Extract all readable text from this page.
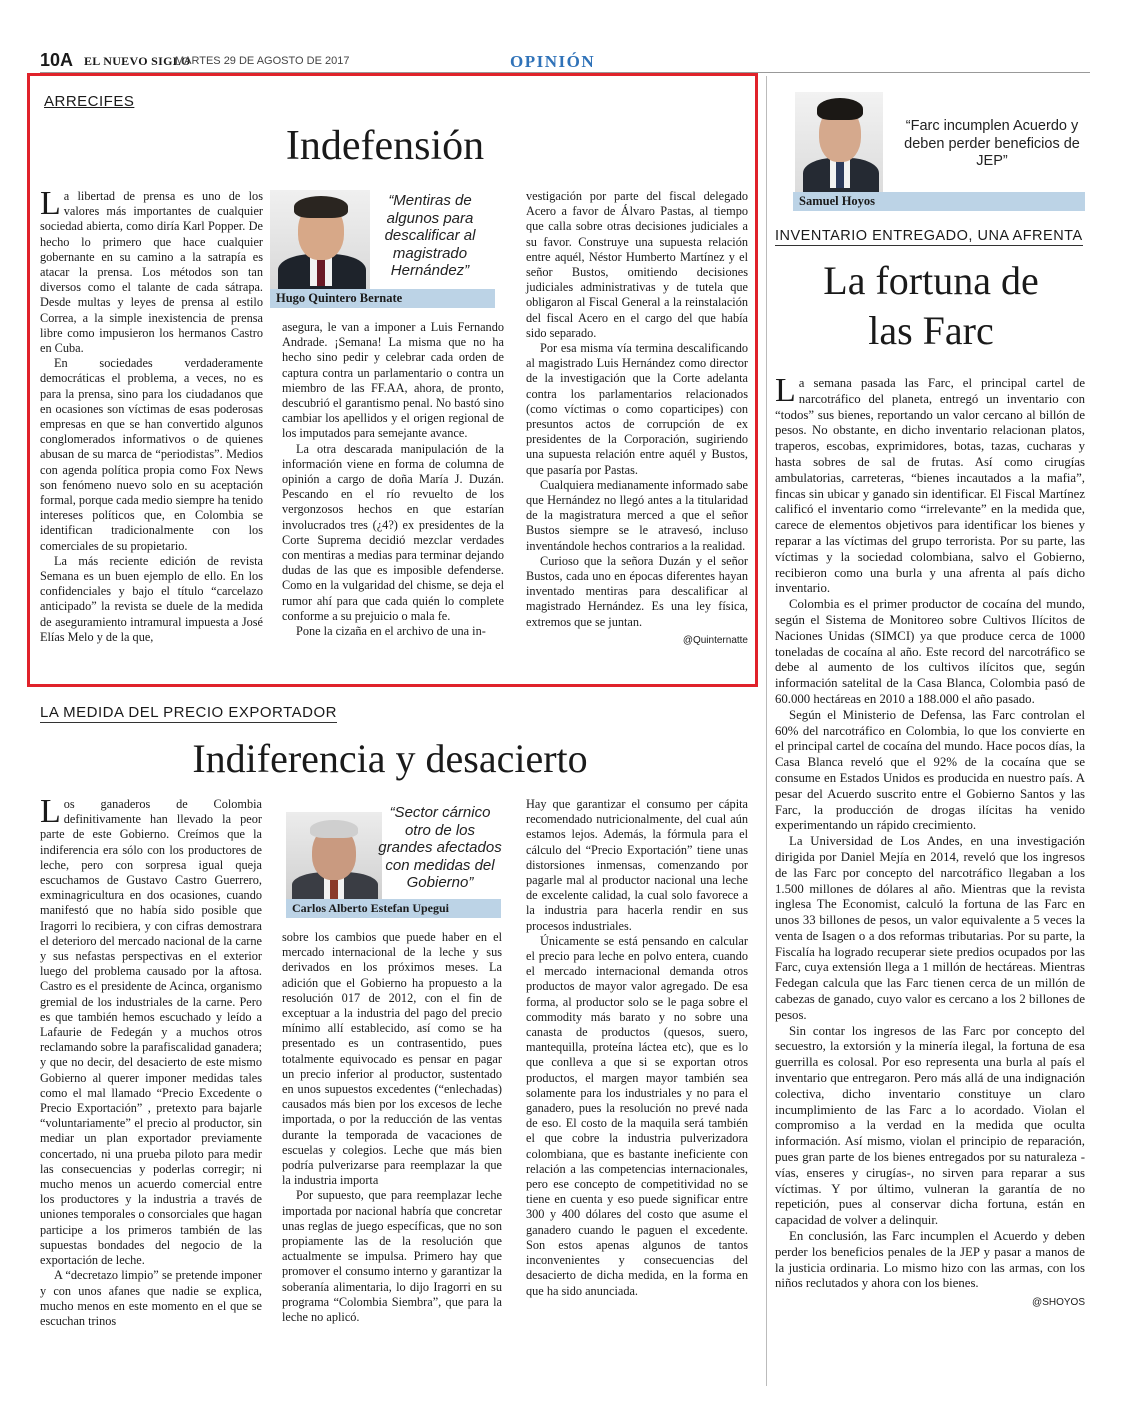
10A EL NUEVO SIGLO
MARTES 29 DE AGOSTO DE 2017	OPINIÓN
ARRECIFES
Indefensión

La libertad de prensa es uno de los valores más importantes de cualquier sociedad abierta, como diría Karl Popper. De hecho lo primero que hace cualquier gobernante en su camino a la satrapía es atacar la prensa. Los métodos son tan diversos como el talante de cada sátrapa. Desde multas y leyes de prensa al estilo Correa, a la simple inexistencia de prensa libre como impusieron los hermanos Castro en Cuba.

En sociedades verdaderamente democráticas el problema, a veces, no es para la prensa, sino para los ciudadanos que en ocasiones son víctimas de esas poderosas empresas en que se han convertido algunos conglomerados informativos o de quienes abusan de su marca de “periodistas”. Medios con agenda política propia como Fox News son fenómeno nuevo solo en su aceptación formal, porque cada medio siempre ha tenido intereses políticos que, en Colombia se identifican tradicionalmente con los comerciales de su propietario.

La más reciente edición de revista Semana es un buen ejemplo de ello. En los confidenciales y bajo el título “carcelazo anticipado” la revista se duele de la medida de aseguramiento intramural impuesta a José Elías Melo y de la que,

“Mentiras de algunos para descalificar al magistrado Hernández”
Hugo Quintero Bernate

asegura, le van a imponer a Luis Fernando Andrade. ¡Semana! La misma que no ha hecho sino pedir y celebrar cada orden de captura contra un parlamentario o contra un miembro de las FF.AA, ahora, de pronto, descubrió el garantismo penal. No bastó sino cambiar los apellidos y el origen regional de los imputados para semejante avance.

La otra descarada manipulación de la información viene en forma de columna de opinión a cargo de doña María J. Duzán. Pescando en el río revuelto de los vergonzosos hechos en que estarían involucrados tres (¿4?) ex presidentes de la Corte Suprema decidió mezclar verdades con mentiras a medias para terminar dejando dudas de las que es imposible defenderse. Como en la vulgaridad del chisme, se deja el rumor ahí para que cada quién lo complete conforme a su prejuicio o mala fe.

Pone la cizaña en el archivo de una in-

vestigación por parte del fiscal delegado Acero a favor de Álvaro Pastas, al tiempo que calla sobre otras decisiones judiciales a su favor. Construye una supuesta relación entre aquél, Néstor Humberto Martínez y el señor Bustos, omitiendo decisiones judiciales administrativas y de tutela que obligaron al Fiscal General a la reinstalación del fiscal Acero en el cargo del que había sido separado.

Por esa misma vía termina descalificando al magistrado Luis Hernández como director de la investigación que la Corte adelanta contra los parlamentarios relacionados (como víctimas o como coparticipes) con presuntos actos de corrupción de ex presidentes de la Corporación, sugiriendo una supuesta relación entre aquél y Bustos, que pasaría por Pastas.

Cualquiera medianamente informado sabe que Hernández no llegó antes a la titularidad de la magistratura merced a que el señor Bustos siempre se le atravesó, incluso inventándole hechos contrarios a la realidad.

Curioso que la señora Duzán y el señor Bustos, cada uno en épocas diferentes hayan inventado mentiras para descalificar al magistrado Hernández. Es una ley física, extremos que se juntan.

@Quinternatte
LA MEDIDA DEL PRECIO EXPORTADOR
Indiferencia y desacierto

Los ganaderos de Colombia definitivamente han llevado la peor parte de este Gobierno. Creímos que la indiferencia era sólo con los productores de leche, pero con sorpresa igual queja escuchamos de Gustavo Castro Guerrero, exminagricultura en dos ocasiones, cuando manifestó que no había sido posible que Iragorri lo recibiera, y con cifras demostrara el deterioro del mercado nacional de la carne y sus nefastas perspectivas en el exterior luego del problema causado por la aftosa. Castro es el presidente de Acinca, organismo gremial de los industriales de la carne. Pero es que también hemos escuchado y leído a Lafaurie de Fedegán y a muchos otros reclamando sobre la parafiscalidad ganadera; y que no decir, del desacierto de este mismo Gobierno al querer imponer medidas tales como el mal llamado “Precio Excedente o Precio Exportación” , pretexto para bajarle “voluntariamente” el precio al productor, sin mediar un plan exportador previamente concertado, ni una prueba piloto para medir las consecuencias y poderlas corregir; ni mucho menos un acuerdo comercial entre los productores y la industria a través de uniones temporales o consorciales que hagan participe a los primeros también de las supuestas bondades del negocio de la exportación de leche.

A “decretazo limpio” se pretende imponer y con unos afanes que nadie se explica, mucho menos en este momento en el que se escuchan trinos

“Sector cárnico otro de los grandes afectados con medidas del Gobierno”
Carlos Alberto Estefan Upegui

sobre los cambios que puede haber en el mercado internacional de la leche y sus derivados en los próximos meses. La adición que el Gobierno ha propuesto a la resolución 017 de 2012, con el fin de exceptuar a la industria del pago del precio mínimo allí establecido, así como se ha presentado es un contrasentido, pues totalmente equivocado es pensar en pagar un precio inferior al productor, sustentado en unos supuestos excedentes (“enlechadas) causados más bien por los excesos de leche importada, o por la reducción de las ventas durante la temporada de vacaciones de escuelas y colegios. Leche que más bien podría pulverizarse para reemplazar la que la industria importa

Por supuesto, que para reemplazar leche importada por nacional habría que concretar unas reglas de juego específicas, que no son propiamente las de la resolución que actualmente se impulsa. Primero hay que promover el consumo interno y garantizar la soberanía alimentaria, lo dijo Iragorri en su programa “Colombia Siembra”, que para la leche no aplicó.

Hay que garantizar el consumo per cápita recomendado nutricionalmente, del cual aún estamos lejos. Además, la fórmula para el cálculo del “Precio Exportación” tiene unas distorsiones inmensas, comenzando por pagarle mal al productor nacional una leche de excelente calidad, la cual solo favorece a la industria para hacerla rendir en sus procesos industriales.

Únicamente se está pensando en calcular el precio para leche en polvo entera, cuando el mercado internacional demanda otros productos de mayor valor agregado. De esa forma, al productor solo se le paga sobre el commodity más barato y no sobre una canasta de productos (quesos, suero, mantequilla, proteína láctea etc), que es lo que conlleva a que si se exportan otros productos, el margen mayor también sea solamente para los industriales y no para el ganadero, pues la resolución no prevé nada de eso. El costo de la maquila será también el que cobre la industria pulverizadora colombiana, que es bastante ineficiente con relación a las competencias internacionales, pero ese concepto de competitividad no se tiene en cuenta y eso puede significar entre 300 y 400 dólares del costo que asume el ganadero cuando le paguen el excedente. Son estos apenas algunos de tantos inconvenientes y consecuencias del desacierto de dicha medida, en la forma en que ha sido anunciada.

“Farc incumplen Acuerdo y deben perder beneficios de JEP”
Samuel Hoyos
INVENTARIO ENTREGADO, UNA AFRENTA
La fortuna de
las Farc

La semana pasada las Farc, el principal cartel de narcotráfico del planeta, entregó un inventario con “todos” sus bienes, reportando un valor cercano al billón de pesos. No obstante, en dicho inventario relacionan platos, traperos, escobas, exprimidores, botas, tazas, cucharas y hasta sobres de sal de frutas. Así como cirugías ambulatorias, carreteras, “bienes incautados a la mafia”, fincas sin ubicar y ganado sin identificar. El Fiscal Martínez calificó el inventario como “irrelevante” en la medida que, carece de elementos objetivos para identificar los bienes y reparar a las víctimas del grupo terrorista. Por su parte, las víctimas y la sociedad colombiana, salvo el Gobierno, recibieron como una burla y una afrenta al país dicho inventario.

Colombia es el primer productor de cocaína del mundo, según el Sistema de Monitoreo sobre Cultivos Ilícitos de Naciones Unidas (SIMCI) ya que produce cerca de 1000 toneladas de cocaína al año. Este record del narcotráfico se debe al aumento de los cultivos ilícitos que, según información satelital de la Casa Blanca, Colombia pasó de 60.000 hectáreas en 2010 a 188.000 el año pasado.

Según el Ministerio de Defensa, las Farc controlan el 60% del narcotráfico en Colombia, lo que los convierte en el principal cartel de cocaína del mundo. Hace pocos días, la Casa Blanca reveló que el 92% de la cocaína que se consume en Estados Unidos es producida en nuestro país. A pesar del Acuerdo suscrito entre el Gobierno Santos y las Farc, la producción de drogas ilícitas ha venido experimentando un rápido crecimiento.

La Universidad de Los Andes, en una investigación dirigida por Daniel Mejía en 2014, reveló que los ingresos de las Farc por concepto del narcotráfico llegaban a los 1.500 millones de dólares al año. Mientras que la revista inglesa The Economist, calculó la fortuna de las Farc en unos 33 billones de pesos, un valor equivalente a 5 veces la venta de Isagen o a dos reformas tributarias. Por su parte, la Fiscalía ha logrado recuperar siete predios ocupados por las Farc, cuya extensión llega a 1 millón de hectáreas. Mientras Fedegan calcula que las Farc tienen cerca de un millón de cabezas de ganado, cuyo valor es cercano a los 2 billones de pesos.

Sin contar los ingresos de las Farc por concepto del secuestro, la extorsión y la minería ilegal, la fortuna de esa guerrilla es colosal. Por eso representa una burla al país el inventario que entregaron. Pero más allá de una indignación colectiva, dicho inventario constituye un claro incumplimiento de las Farc a lo acordado. Violan el compromiso a la verdad en la medida que oculta información. Así mismo, violan el principio de reparación, pues gran parte de los bienes entregados por su naturaleza -vías, enseres y cirugías-, no sirven para reparar a sus víctimas. Y por último, vulneran la garantía de no repetición, pues al conservar dicha fortuna, están en capacidad de volver a delinquir.

En conclusión, las Farc incumplen el Acuerdo y deben perder los beneficios penales de la JEP y pasar a manos de la justicia ordinaria. Lo mismo hizo con las armas, con los niños reclutados y ahora con los bienes.

@SHOYOS
